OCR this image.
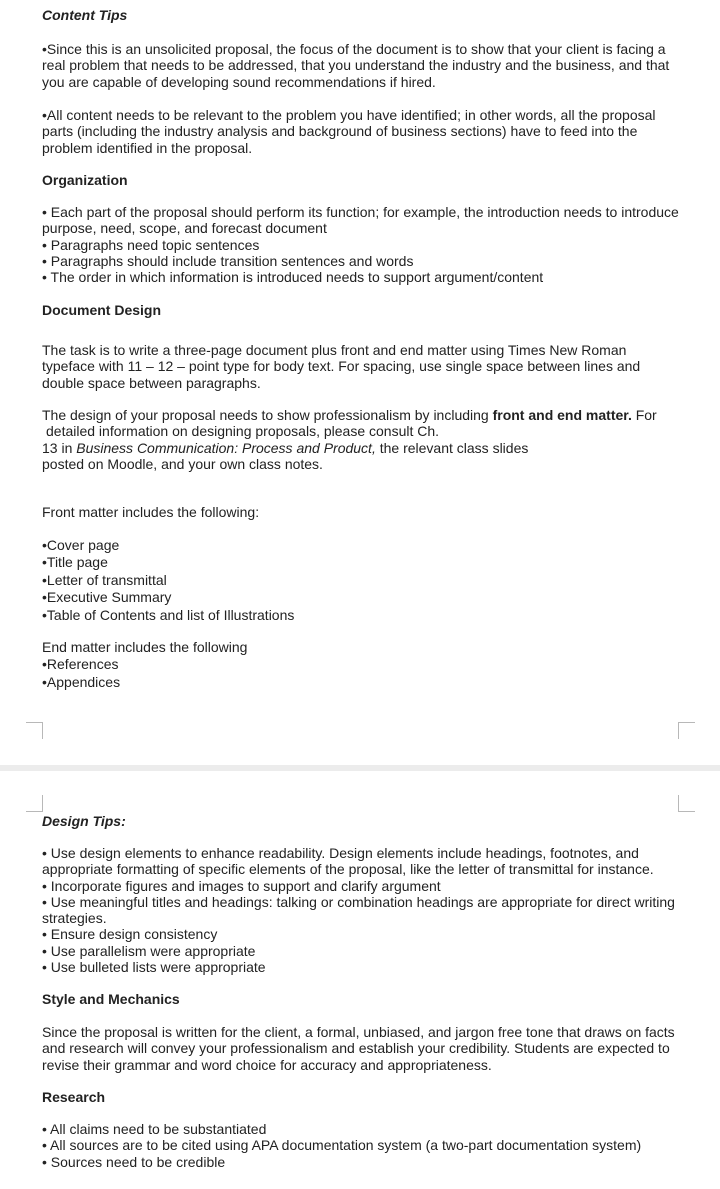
Content Tips
•Since this is an unsolicited proposal, the focus of the document is to show that your client is facing a real problem that needs to be addressed, that you understand the industry and the business, and that you are capable of developing sound recommendations if hired.
•All content needs to be relevant to the problem you have identified; in other words, all the proposal parts (including the industry analysis and background of business sections) have to feed into the problem identified in the proposal.
Organization
• Each part of the proposal should perform its function; for example, the introduction needs to introduce purpose, need, scope, and forecast document
• Paragraphs need topic sentences
• Paragraphs should include transition sentences and words
• The order in which information is introduced needs to support argument/content
Document Design
The task is to write a three-page document plus front and end matter using Times New Roman typeface with 11 – 12 – point type for body text. For spacing, use single space between lines and double space between paragraphs.
The design of your proposal needs to show professionalism by including front and end matter. For
detailed information on designing proposals, please consult Ch.
13 in Business Communication: Process and Product, the relevant class slides
posted on Moodle, and your own class notes.
Front matter includes the following:
•Cover page
•Title page
•Letter of transmittal
•Executive Summary
•Table of Contents and list of Illustrations
End matter includes the following
•References
•Appendices
Design Tips:
• Use design elements to enhance readability. Design elements include headings, footnotes, and appropriate formatting of specific elements of the proposal, like the letter of transmittal for instance.
• Incorporate figures and images to support and clarify argument
• Use meaningful titles and headings: talking or combination headings are appropriate for direct writing strategies.
• Ensure design consistency
• Use parallelism were appropriate
• Use bulleted lists were appropriate
Style and Mechanics
Since the proposal is written for the client, a formal, unbiased, and jargon free tone that draws on facts and research will convey your professionalism and establish your credibility. Students are expected to revise their grammar and word choice for accuracy and appropriateness.
Research
• All claims need to be substantiated
• All sources are to be cited using APA documentation system (a two-part documentation system)
• Sources need to be credible
